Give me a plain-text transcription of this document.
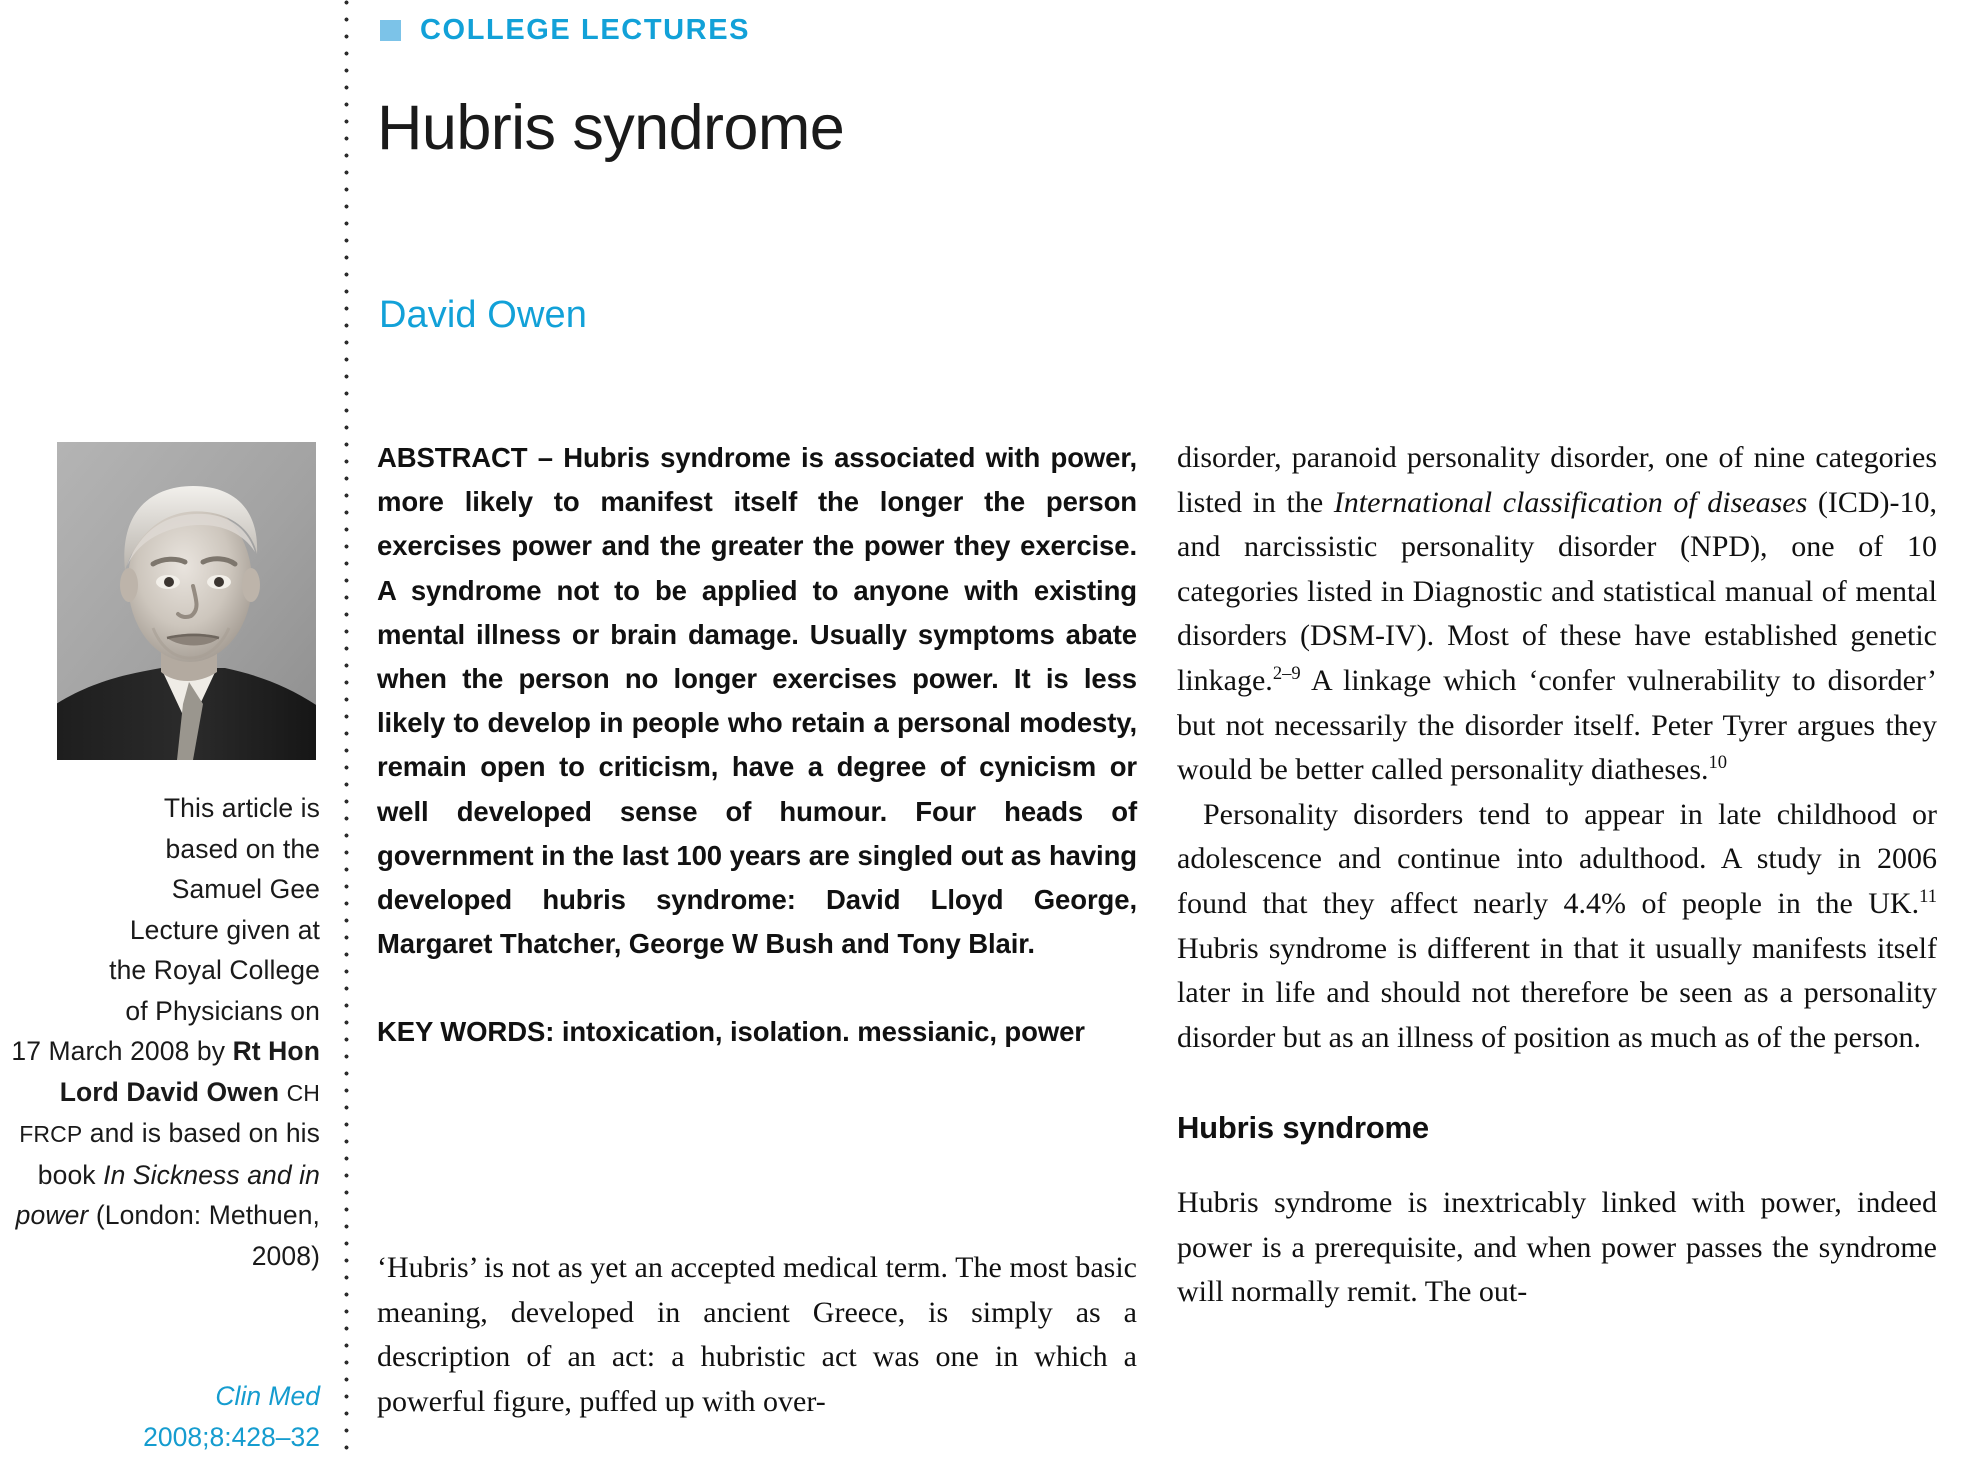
This article is
based on the
Samuel Gee
Lecture given at
the Royal College
of Physicians on
17 March 2008 by Rt Hon Lord David Owen CH FRCP and is based on his book In Sickness and in power (London: Methuen, 2008)
Clin Med
2008;8:428–32
COLLEGE LECTURES
Hubris syndrome
David Owen
ABSTRACT – Hubris syndrome is associated with power, more likely to manifest itself the longer the person exercises power and the greater the power they exercise. A syndrome not to be applied to anyone with existing mental illness or brain damage. Usually symptoms abate when the person no longer exercises power. It is less likely to develop in people who retain a personal modesty, remain open to criticism, have a degree of cynicism or well developed sense of humour. Four heads of government in the last 100 years are singled out as having developed hubris syndrome: David Lloyd George, Margaret Thatcher, George W Bush and Tony Blair.
KEY WORDS: intoxication, isolation. messianic, power

‘Hubris’ is not as yet an accepted medical term. The most basic meaning, developed in ancient Greece, is simply as a description of an act: a hubristic act was one in which a powerful figure, puffed up with over-

disorder, paranoid personality disorder, one of nine categories listed in the International classification of diseases (ICD)-10, and narcissistic personality disorder (NPD), one of 10 categories listed in Diagnostic and statistical manual of mental disorders (DSM-IV). Most of these have established genetic linkage.$^{2-9}$ A linkage which ‘confer vulnerability to disorder’ but not necessarily the disorder itself. Peter Tyrer argues they would be better called personality diatheses.$^{10}$

Personality disorders tend to appear in late childhood or adolescence and continue into adulthood. A study in 2006 found that they affect nearly 4.4% of people in the UK.$^{11}$ Hubris syndrome is different in that it usually manifests itself later in life and should not therefore be seen as a personality disorder but as an illness of position as much as of the person.

Hubris syndrome

Hubris syndrome is inextricably linked with power, indeed power is a prerequisite, and when power passes the syndrome will normally remit. The out-
